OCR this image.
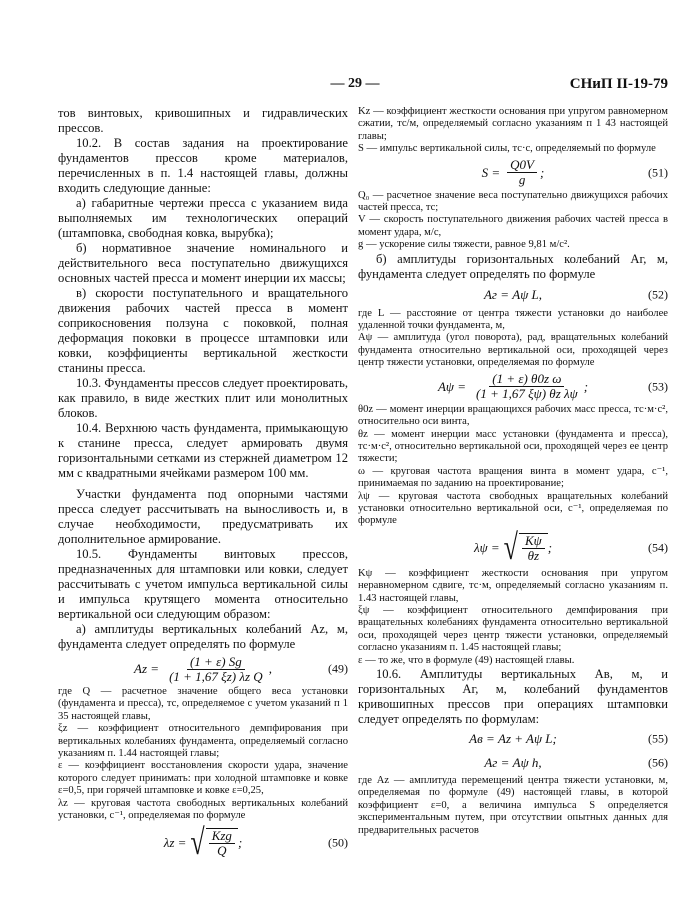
— 29 —	СНиП II-19-79

тов винтовых, кривошипных и гидравлических прессов.

10.2. В состав задания на проектирование фундаментов прессов кроме материалов, перечисленных в п. 1.4 настоящей главы, должны входить следующие данные:

а) габаритные чертежи пресса с указанием вида выполняемых им технологических операций (штамповка, свободная ковка, вырубка);

б) нормативное значение номинального и действительного веса поступательно движущихся основных частей пресса и момент инерции их массы;

в) скорости поступательного и вращательного движения рабочих частей пресса в момент соприкосновения ползуна с поковкой, полная деформация поковки в процессе штамповки или ковки, коэффициенты вертикальной жесткости станины пресса.

10.3. Фундаменты прессов следует проектировать, как правило, в виде жестких плит или монолитных блоков.

10.4. Верхнюю часть фундамента, примыкающую к станине пресса, следует армировать двумя горизонтальными сетками из стержней диаметром 12 мм с квадратными ячейками размером 100 мм.

Участки фундамента под опорными частями пресса следует рассчитывать на выносливость и, в случае необходимости, предусматривать их дополнительное армирование.

10.5. Фундаменты винтовых прессов, предназначенных для штамповки или ковки, следует рассчитывать с учетом импульса вертикальной силы и импульса крутящего момента относительно вертикальной оси следующим образом:

а) амплитуды вертикальных колебаний Az, м, фундамента следует определять по формуле

$Az = \frac{(1 + \varepsilon) Sg}{\text{(1 + 1,67 ξz) λz Q}}$ ,	(49)

где Q — расчетное значение общего веса установки (фундамента и пресса), тс, определяемое с учетом указаний п 1 35 настоящей главы,

ξz — коэффициент относительного демпфирования при вертикальных колебаниях фундамента, определяемый согласно указаниям п. 1.44 настоящей главы;

ε — коэффициент восстановления скорости удара, значение которого следует принимать: при холодной штамповке и ковке ε=0,5, при горячей штамповке и ковке ε=0,25,

λz — круговая частота свободных вертикальных колебаний установки, с⁻¹, определяемая по формуле

λz = √ $\frac{\text{Kzg}}{Q}$ ;	(50)

Kz — коэффициент жесткости основания при упругом равномерном сжатии, тс/м, определяемый согласно указаниям п 1 43 настоящей главы;

S — импульс вертикальной силы, тс·с, определяемый по формуле

$S = \frac{Q0V}{g}$ ;	(51)

Q₀ — расчетное значение веса поступательно движущихся рабочих частей пресса, тс;

V — скорость поступательного движения рабочих частей пресса в момент удара, м/с,

g — ускорение силы тяжести, равное 9,81 м/с².

б) амплитуды горизонтальных колебаний Aг, м, фундамента следует определять по формуле

Aг = Aψ L,	(52)

где L — расстояние от центра тяжести установки до наиболее удаленной точки фундамента, м,

Aψ — амплитуда (угол поворота), рад, вращательных колебаний фундамента относительно вертикальной оси, проходящей через центр тяжести установки, определяемая по формуле

$A\psi = \frac{\text{(1 + ε) θ0z ω}}{\text{(1 + 1,67 ξψ) θz λψ}}$ ;	(53)

θ0z — момент инерции вращающихся рабочих масс пресса, тс·м·с², относительно оси винта,

θz — момент инерции масс установки (фундамента и пресса), тс·м·с², относительно вертикальной оси, проходящей через ее центр тяжести;

ω — круговая частота вращения винта в момент удара, с⁻¹, принимаемая по заданию на проектирование;

λψ — круговая частота свободных вращательных колебаний установки относительно вертикальной оси, с⁻¹, определяемая по формуле

λψ = √ $\frac{K\psi}{\theta z}$ ;	(54)

Kψ — коэффициент жесткости основания при упругом неравномерном сдвиге, тс·м, определяемый согласно указаниям п. 1.43 настоящей главы,

ξψ — коэффициент относительного демпфирования при вращательных колебаниях фундамента относительно вертикальной оси, проходящей через центр тяжести установки, определяемый согласно указаниям п. 1.45 настоящей главы;

ε — то же, что в формуле (49) настоящей главы.

10.6. Амплитуды вертикальных Aв, м, и горизонтальных Aг, м, колебаний фундаментов кривошипных прессов при операциях штамповки следует определять по формулам:

Aв = Az + Aψ L;	(55)
Aг = Aψ h,	(56)

где Az — амплитуда перемещений центра тяжести установки, м, определяемая по формуле (49) настоящей главы, в которой коэффициент ε=0, а величина импульса S определяется экспериментальным путем, при отсутствии опытных данных для предварительных расчетов
